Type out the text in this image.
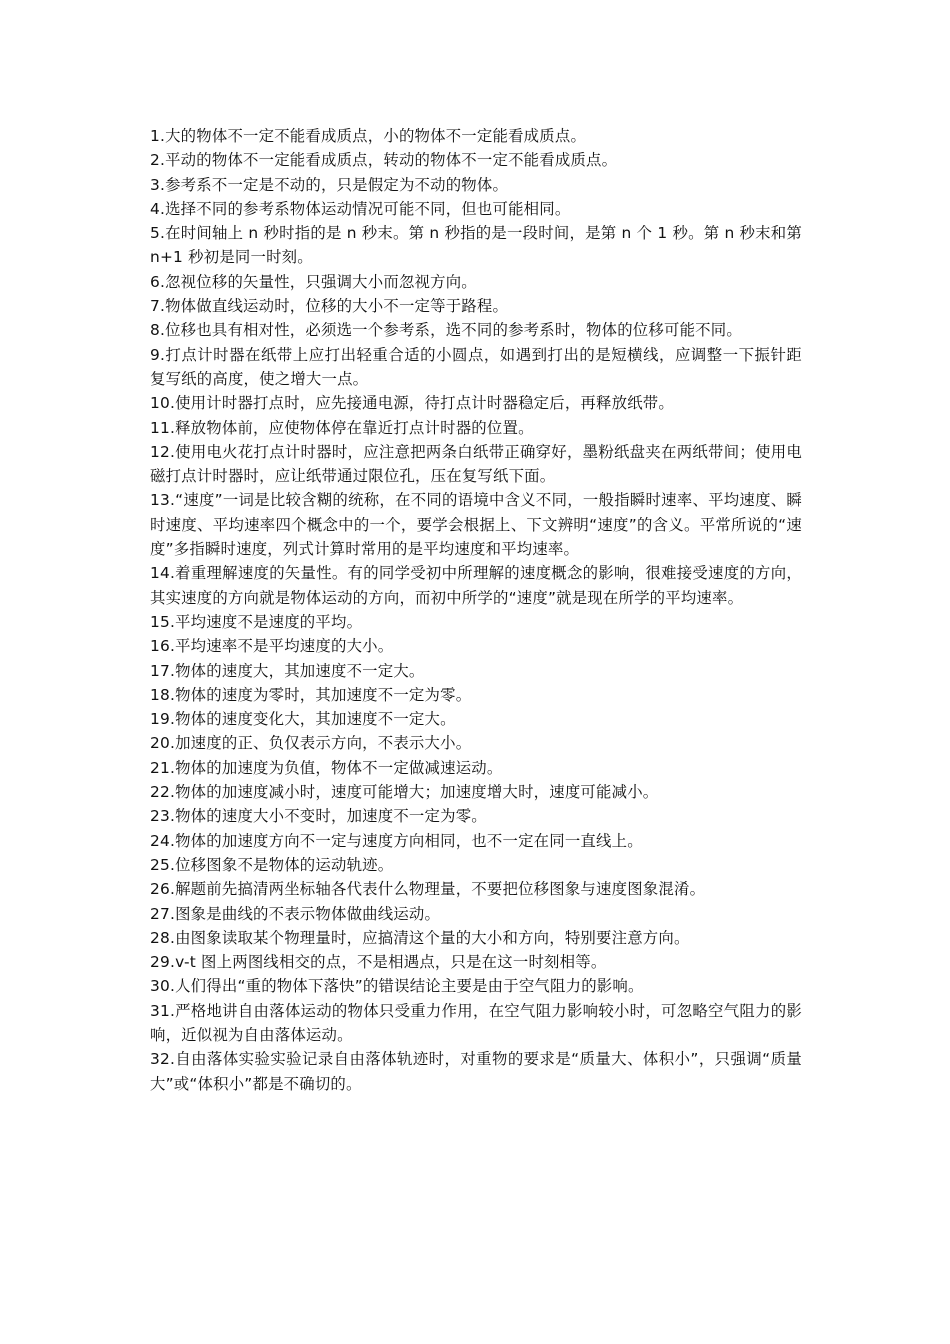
1.大的物体不一定不能看成质点，小的物体不一定能看成质点。

2.平动的物体不一定能看成质点，转动的物体不一定不能看成质点。

3.参考系不一定是不动的，只是假定为不动的物体。

4.选择不同的参考系物体运动情况可能不同，但也可能相同。

5.在时间轴上 n 秒时指的是 n 秒末。第 n 秒指的是一段时间，是第 n 个 1 秒。第 n 秒末和第 n+1 秒初是同一时刻。

6.忽视位移的矢量性，只强调大小而忽视方向。

7.物体做直线运动时，位移的大小不一定等于路程。

8.位移也具有相对性，必须选一个参考系，选不同的参考系时，物体的位移可能不同。

9.打点计时器在纸带上应打出轻重合适的小圆点，如遇到打出的是短横线，应调整一下振针距复写纸的高度，使之增大一点。

10.使用计时器打点时，应先接通电源，待打点计时器稳定后，再释放纸带。

11.释放物体前，应使物体停在靠近打点计时器的位置。

12.使用电火花打点计时器时，应注意把两条白纸带正确穿好，墨粉纸盘夹在两纸带间；使用电磁打点计时器时，应让纸带通过限位孔，压在复写纸下面。

13.“速度”一词是比较含糊的统称，在不同的语境中含义不同，一般指瞬时速率、平均速度、瞬时速度、平均速率四个概念中的一个，要学会根据上、下文辨明“速度”的含义。平常所说的“速度”多指瞬时速度，列式计算时常用的是平均速度和平均速率。

14.着重理解速度的矢量性。有的同学受初中所理解的速度概念的影响，很难接受速度的方向，其实速度的方向就是物体运动的方向，而初中所学的“速度”就是现在所学的平均速率。

15.平均速度不是速度的平均。

16.平均速率不是平均速度的大小。

17.物体的速度大，其加速度不一定大。

18.物体的速度为零时，其加速度不一定为零。

19.物体的速度变化大，其加速度不一定大。

20.加速度的正、负仅表示方向，不表示大小。

21.物体的加速度为负值，物体不一定做减速运动。

22.物体的加速度减小时，速度可能增大；加速度增大时，速度可能减小。

23.物体的速度大小不变时，加速度不一定为零。

24.物体的加速度方向不一定与速度方向相同，也不一定在同一直线上。

25.位移图象不是物体的运动轨迹。

26.解题前先搞清两坐标轴各代表什么物理量，不要把位移图象与速度图象混淆。

27.图象是曲线的不表示物体做曲线运动。

28.由图象读取某个物理量时，应搞清这个量的大小和方向，特别要注意方向。

29.v-t 图上两图线相交的点，不是相遇点，只是在这一时刻相等。

30.人们得出“重的物体下落快”的错误结论主要是由于空气阻力的影响。

31.严格地讲自由落体运动的物体只受重力作用，在空气阻力影响较小时，可忽略空气阻力的影响，近似视为自由落体运动。

32.自由落体实验实验记录自由落体轨迹时，对重物的要求是“质量大、体积小”，只强调“质量大”或“体积小”都是不确切的。
